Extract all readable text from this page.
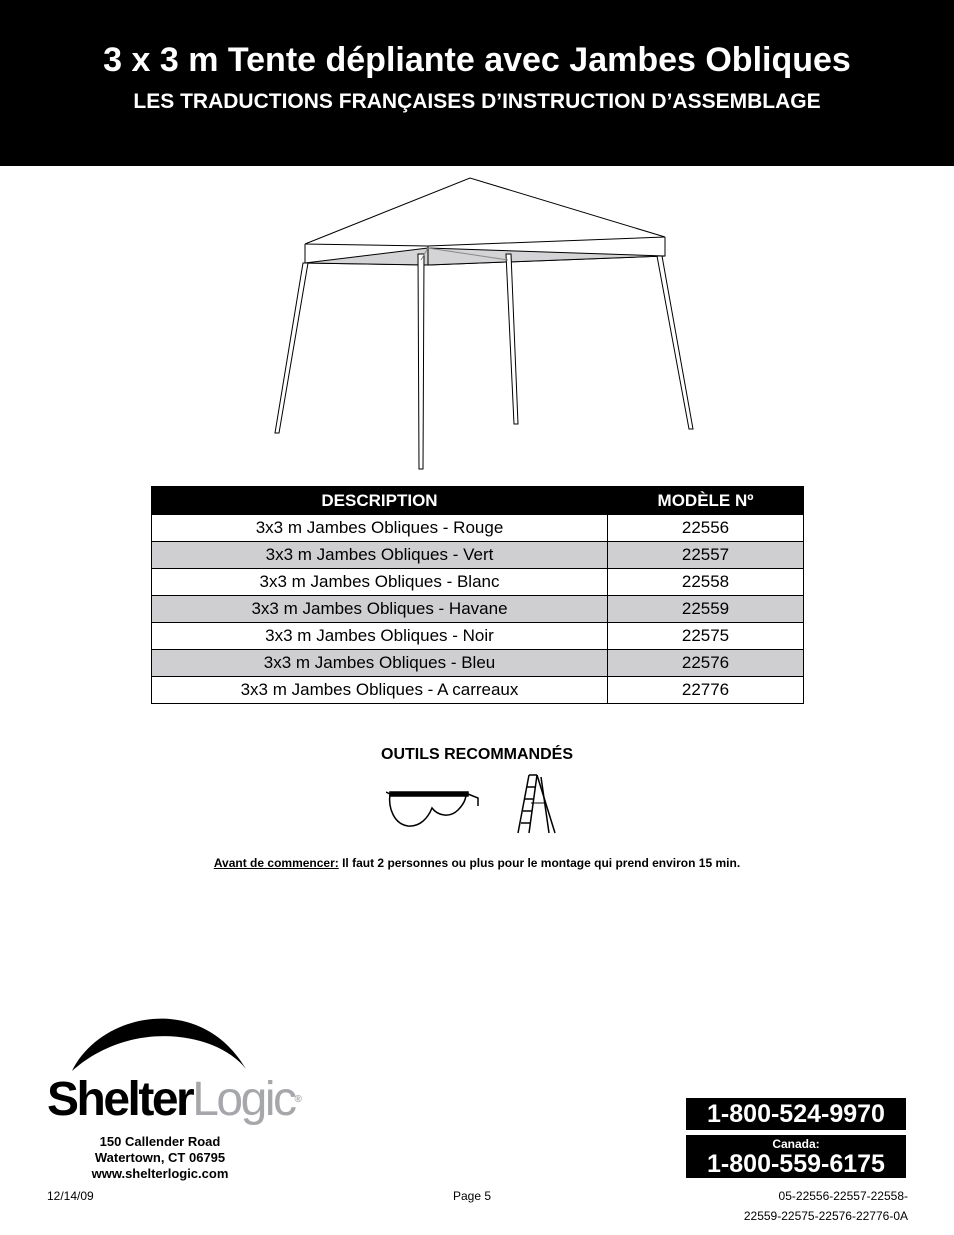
3 x 3 m Tente dépliante avec Jambes Obliques
LES TRADUCTIONS FRANÇAISES D’INSTRUCTION D’ASSEMBLAGE
DESCRIPTION	MODÈLE Nº
3x3 m Jambes Obliques - Rouge	22556
3x3 m Jambes Obliques - Vert	22557
3x3 m Jambes Obliques - Blanc	22558
3x3 m Jambes Obliques - Havane	22559
3x3 m Jambes Obliques - Noir	22575
3x3 m Jambes Obliques - Bleu	22576
3x3 m Jambes Obliques - A carreaux	22776
OUTILS RECOMMANDÉS
Avant de commencer: Il faut 2 personnes ou plus pour le montage qui prend environ 15 min.
ShelterLogic®
150 Callender Road
Watertown, CT 06795
www.shelterlogic.com
12/14/09	Page 5
1-800-524-9970
Canada:
1-800-559-6175
05-22556-22557-22558-
22559-22575-22576-22776-0A
